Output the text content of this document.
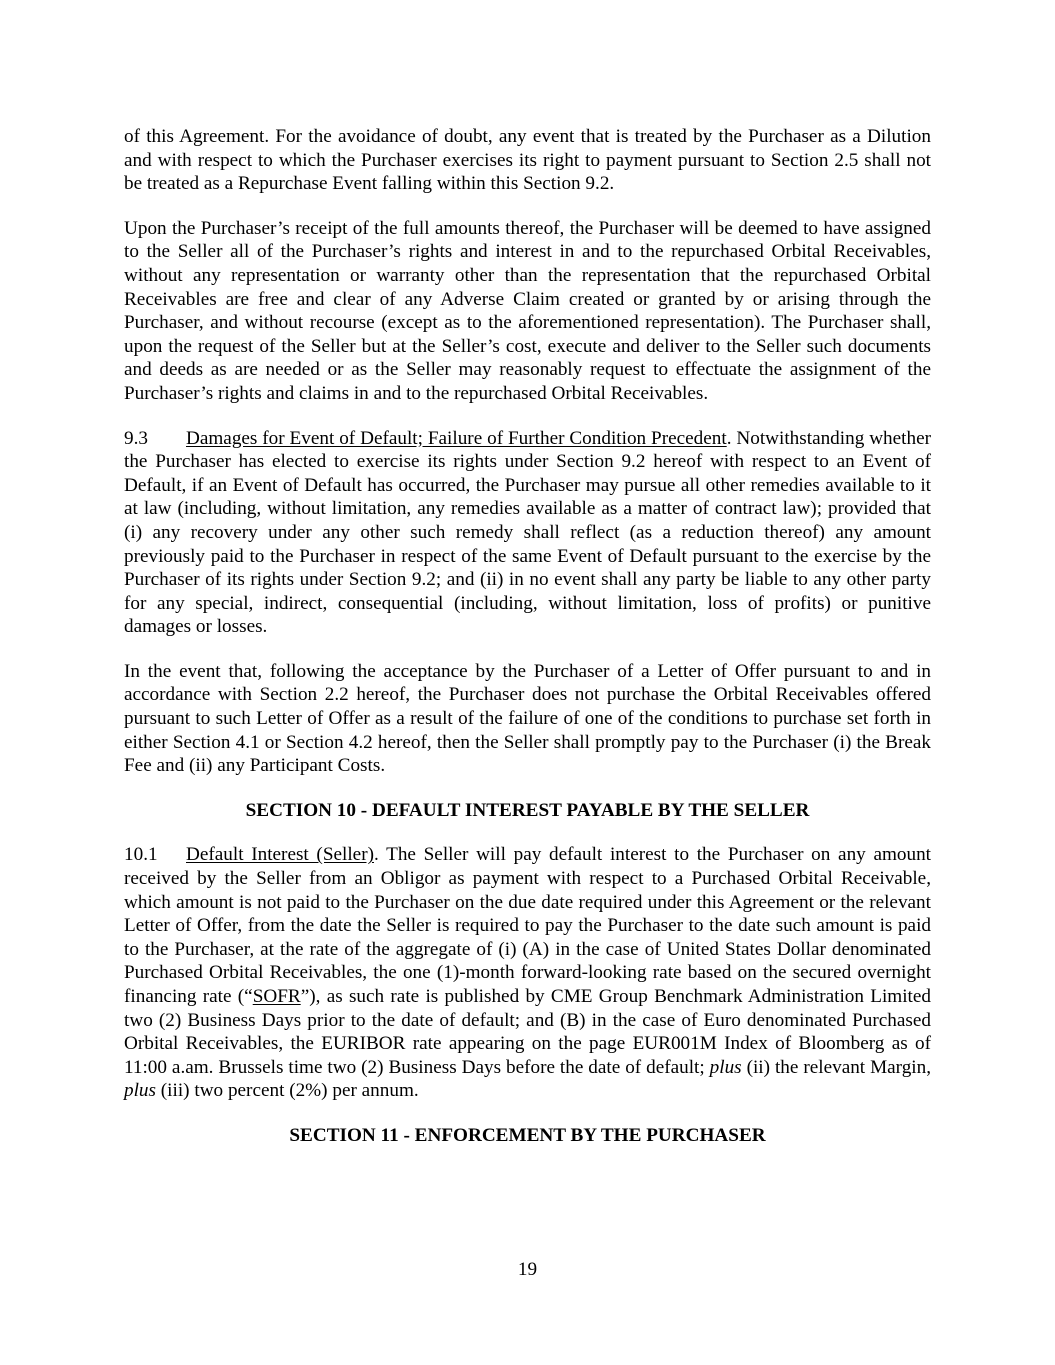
of this Agreement. For the avoidance of doubt, any event that is treated by the Purchaser as a Dilution and with respect to which the Purchaser exercises its right to payment pursuant to Section 2.5 shall not be treated as a Repurchase Event falling within this Section 9.2.

Upon the Purchaser’s receipt of the full amounts thereof, the Purchaser will be deemed to have assigned to the Seller all of the Purchaser’s rights and interest in and to the repurchased Orbital Receivables, without any representation or warranty other than the representation that the repurchased Orbital Receivables are free and clear of any Adverse Claim created or granted by or arising through the Purchaser, and without recourse (except as to the aforementioned representation). The Purchaser shall, upon the request of the Seller but at the Seller’s cost, execute and deliver to the Seller such documents and deeds as are needed or as the Seller may reasonably request to effectuate the assignment of the Purchaser’s rights and claims in and to the repurchased Orbital Receivables.

9.3 Damages for Event of Default; Failure of Further Condition Precedent. Notwithstanding whether the Purchaser has elected to exercise its rights under Section 9.2 hereof with respect to an Event of Default, if an Event of Default has occurred, the Purchaser may pursue all other remedies available to it at law (including, without limitation, any remedies available as a matter of contract law); provided that (i) any recovery under any other such remedy shall reflect (as a reduction thereof) any amount previously paid to the Purchaser in respect of the same Event of Default pursuant to the exercise by the Purchaser of its rights under Section 9.2; and (ii) in no event shall any party be liable to any other party for any special, indirect, consequential (including, without limitation, loss of profits) or punitive damages or losses.

In the event that, following the acceptance by the Purchaser of a Letter of Offer pursuant to and in accordance with Section 2.2 hereof, the Purchaser does not purchase the Orbital Receivables offered pursuant to such Letter of Offer as a result of the failure of one of the conditions to purchase set forth in either Section 4.1 or Section 4.2 hereof, then the Seller shall promptly pay to the Purchaser (i) the Break Fee and (ii) any Participant Costs.

SECTION 10 - DEFAULT INTEREST PAYABLE BY THE SELLER

10.1 Default Interest (Seller). The Seller will pay default interest to the Purchaser on any amount received by the Seller from an Obligor as payment with respect to a Purchased Orbital Receivable, which amount is not paid to the Purchaser on the due date required under this Agreement or the relevant Letter of Offer, from the date the Seller is required to pay the Purchaser to the date such amount is paid to the Purchaser, at the rate of the aggregate of (i) (A) in the case of United States Dollar denominated Purchased Orbital Receivables, the one (1)-month forward-looking rate based on the secured overnight financing rate (“SOFR”), as such rate is published by CME Group Benchmark Administration Limited two (2) Business Days prior to the date of default; and (B) in the case of Euro denominated Purchased Orbital Receivables, the EURIBOR rate appearing on the page EUR001M Index of Bloomberg as of 11:00 a.am. Brussels time two (2) Business Days before the date of default; plus (ii) the relevant Margin, plus (iii) two percent (2%) per annum.

SECTION 11 - ENFORCEMENT BY THE PURCHASER
19
